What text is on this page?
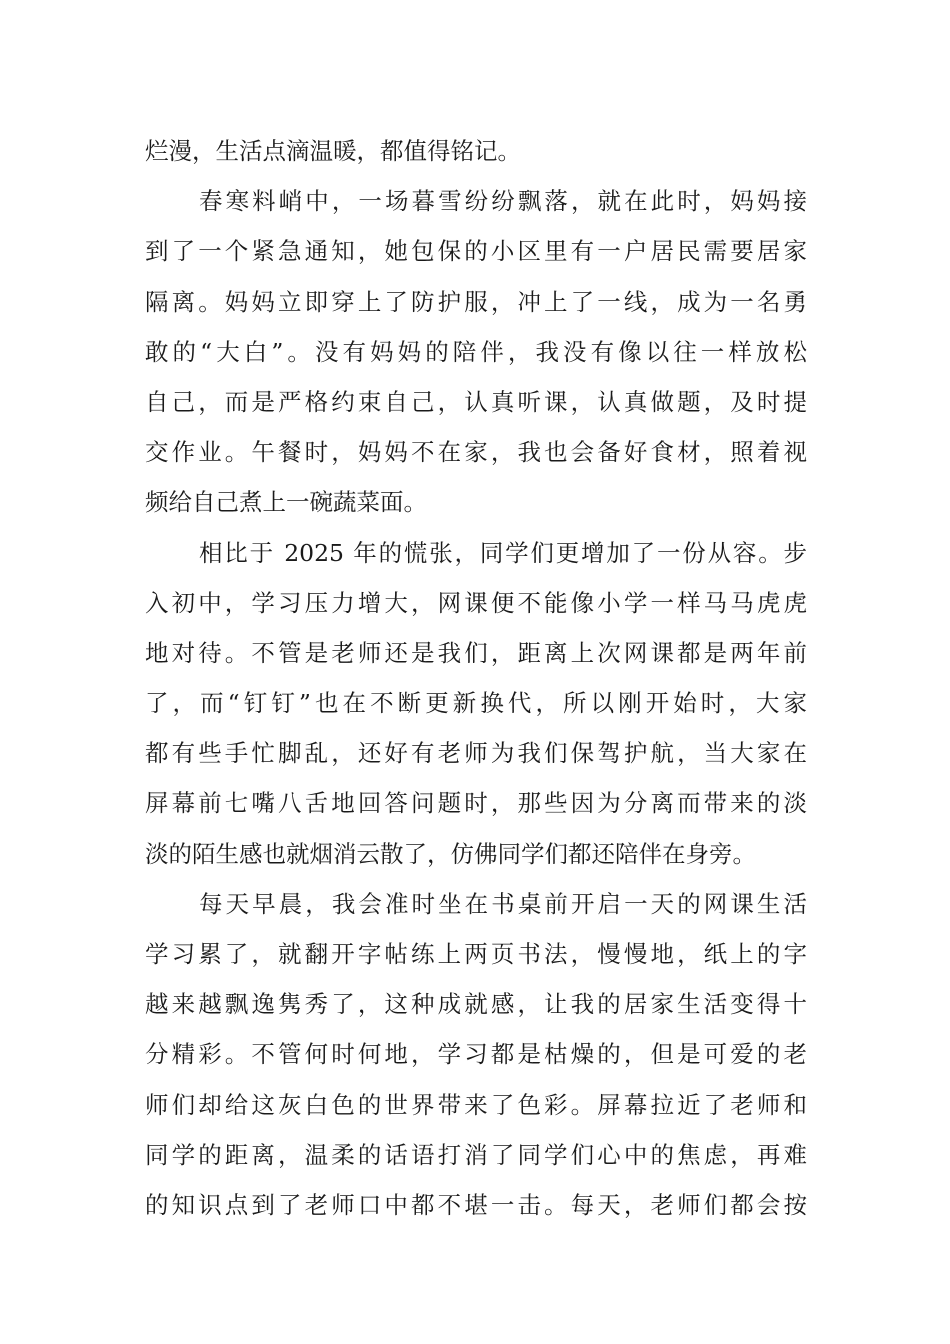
烂漫，生活点滴温暖，都值得铭记。
春寒料峭中，一场暮雪纷纷飘落，就在此时，妈妈接
到了一个紧急通知，她包保的小区里有一户居民需要居家
隔离。妈妈立即穿上了防护服，冲上了一线，成为一名勇
敢的“大白”。没有妈妈的陪伴，我没有像以往一样放松
自己，而是严格约束自己，认真听课，认真做题，及时提
交作业。午餐时，妈妈不在家，我也会备好食材，照着视
频给自己煮上一碗蔬菜面。
相比于 2025 年的慌张，同学们更增加了一份从容。步
入初中，学习压力增大，网课便不能像小学一样马马虎虎
地对待。不管是老师还是我们，距离上次网课都是两年前
了，而“钉钉”也在不断更新换代，所以刚开始时，大家
都有些手忙脚乱，还好有老师为我们保驾护航，当大家在
屏幕前七嘴八舌地回答问题时，那些因为分离而带来的淡
淡的陌生感也就烟消云散了，仿佛同学们都还陪伴在身旁。
每天早晨，我会准时坐在书桌前开启一天的网课生活
学习累了，就翻开字帖练上两页书法，慢慢地，纸上的字
越来越飘逸隽秀了，这种成就感，让我的居家生活变得十
分精彩。不管何时何地，学习都是枯燥的，但是可爱的老
师们却给这灰白色的世界带来了色彩。屏幕拉近了老师和
同学的距离，温柔的话语打消了同学们心中的焦虑，再难
的知识点到了老师口中都不堪一击。每天，老师们都会按
